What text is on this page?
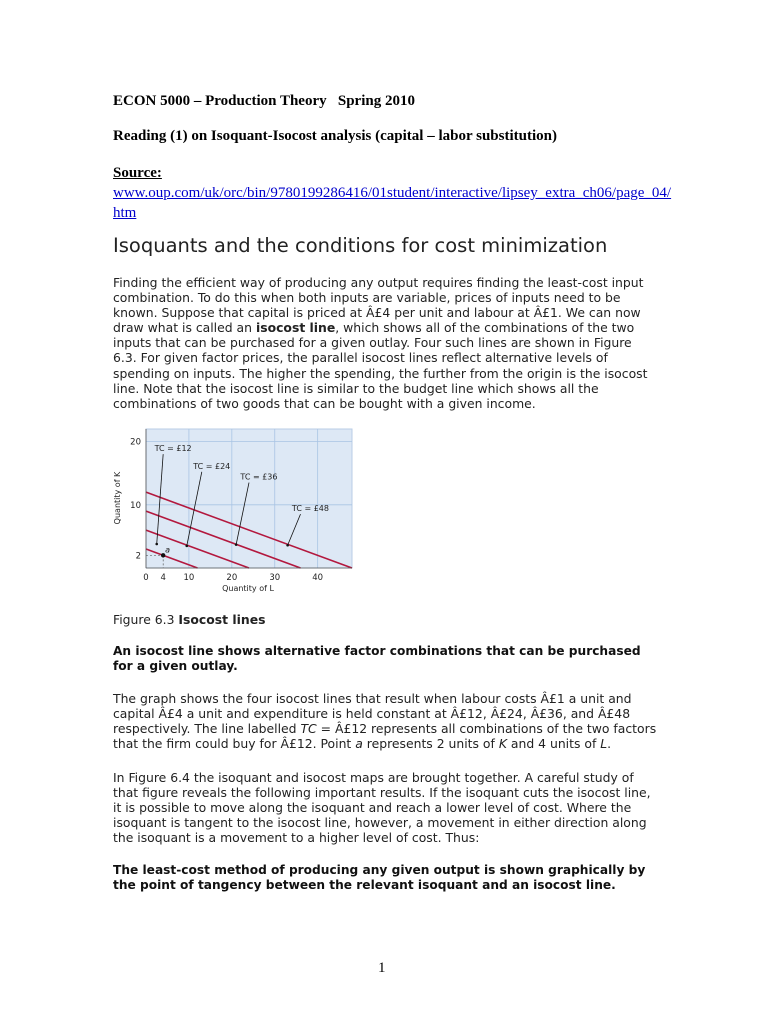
ECON 5000 – Production Theory   Spring 2010
Reading (1) on Isoquant-Isocost analysis (capital – labor substitution)
Source:
www.oup.com/uk/orc/bin/9780199286416/01student/interactive/lipsey_extra_ch06/page_04/htm
Isoquants and the conditions for cost minimization
Finding the efficient way of producing any output requires finding the least-cost input combination. To do this when both inputs are variable, prices of inputs need to be known. Suppose that capital is priced at Â£4 per unit and labour at Â£1. We can now draw what is called an isocost line, which shows all of the combinations of the two inputs that can be purchased for a given outlay. Four such lines are shown in Figure 6.3. For given factor prices, the parallel isocost lines reflect alternative levels of spending on inputs. The higher the spending, the further from the origin is the isocost line. Note that the isocost line is similar to the budget line which shows all the combinations of two goods that can be bought with a given income.
0 4 10	20	30	40
2
10
20
Quantity of L
Quantity of K
TC = £12
TC = £24
TC = £36
TC = £48
a
Figure 6.3 Isocost lines
An isocost line shows alternative factor combinations that can be purchased for a given outlay.
The graph shows the four isocost lines that result when labour costs Â£1 a unit and capital Â£4 a unit and expenditure is held constant at Â£12, Â£24, Â£36, and Â£48 respectively. The line labelled TC = Â£12 represents all combinations of the two factors that the firm could buy for Â£12. Point a represents 2 units of K and 4 units of L.
In Figure 6.4 the isoquant and isocost maps are brought together. A careful study of that figure reveals the following important results. If the isoquant cuts the isocost line, it is possible to move along the isoquant and reach a lower level of cost. Where the isoquant is tangent to the isocost line, however, a movement in either direction along the isoquant is a movement to a higher level of cost. Thus:
The least-cost method of producing any given output is shown graphically by the point of tangency between the relevant isoquant and an isocost line.
1
